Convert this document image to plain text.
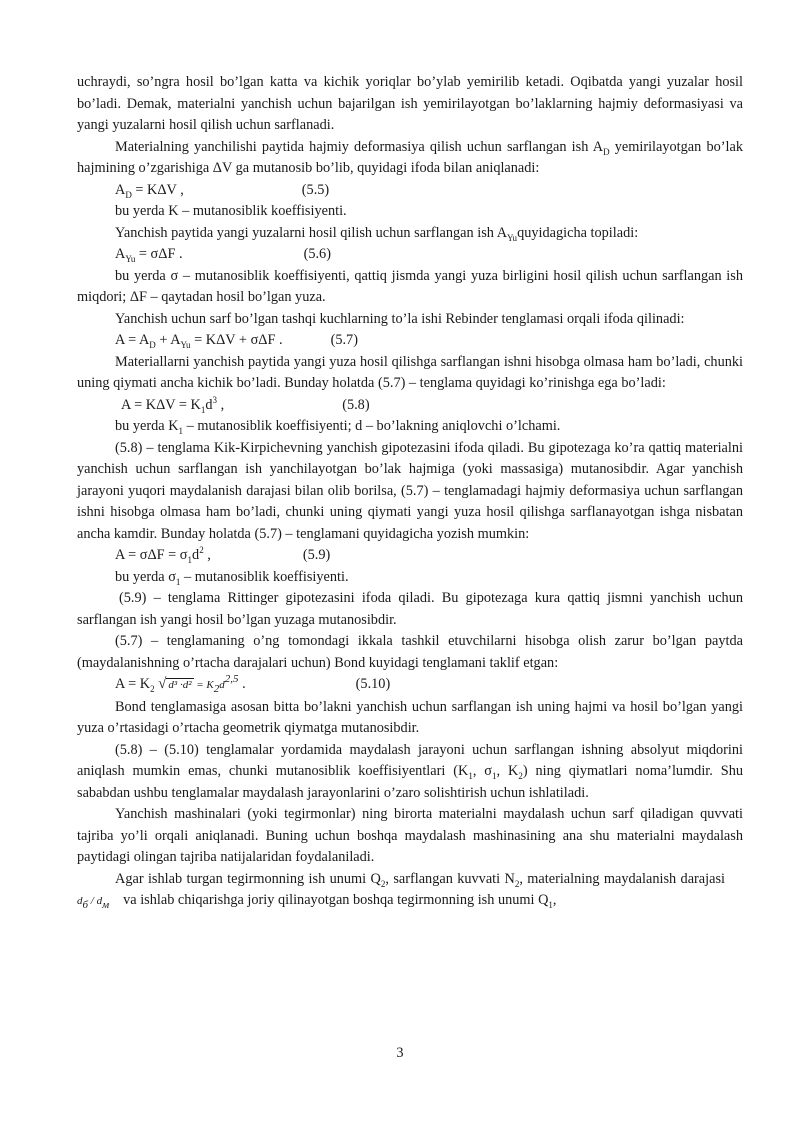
uchraydi, so’ngra hosil bo’lgan katta va kichik yoriqlar bo’ylab yemirilib ketadi. Oqibatda yangi yuzalar hosil bo’ladi. Demak, materialni yanchish uchun bajarilgan ish yemirilayotgan bo’laklarning hajmiy deformasiyasi va yangi yuzalarni hosil qilish uchun sarflanadi.

Materialning yanchilishi paytida hajmiy deformasiya qilish uchun sarflangan ish $A_D$ yemirilayotgan bo’lak hajmining o’zgarishiga ΔV ga mutanosib bo’lib, quyidagi ifoda bilan aniqlanadi:

$A_D = K\Delta V$ ,	(5.5)

bu yerda K – mutanosiblik koeffisiyenti.

Yanchish paytida yangi yuzalarni hosil qilish uchun sarflangan ish $A_{Yu}quyidagicha$ topiladi:

$A_{Yu} = \sigma\Delta F$ .	(5.6)

bu yerda σ – mutanosiblik koeffisiyenti, qattiq jismda yangi yuza birligini hosil qilish uchun sarflangan ish miqdori; ΔF – qaytadan hosil bo’lgan yuza.

Yanchish uchun sarf bo’lgan tashqi kuchlarning to’la ishi Rebinder tenglamasi orqali ifoda qilinadi:

$A = A_D + A_{Yu} = K\Delta V + \sigma\Delta F$ .	(5.7)

Materiallarni yanchish paytida yangi yuza hosil qilishga sarflangan ishni hisobga olmasa ham bo’ladi, chunki uning qiymati ancha kichik bo’ladi. Bunday holatda (5.7) – tenglama quyidagi ko’rinishga ega bo’ladi:

$A = K\Delta V = K_1d^3$ ,	(5.8)

bu yerda $K_1$ – mutanosiblik koeffisiyenti; d – bo’lakning aniqlovchi o’lchami.

(5.8) – tenglama Kik-Kirpichevning yanchish gipotezasini ifoda qiladi. Bu gipotezaga ko’ra qattiq materialni yanchish uchun sarflangan ish yanchilayotgan bo’lak hajmiga (yoki massasiga) mutanosibdir. Agar yanchish jarayoni yuqori maydalanish darajasi bilan olib borilsa, (5.7) – tenglamadagi hajmiy deformasiya uchun sarflangan ishni hisobga olmasa ham bo’ladi, chunki uning qiymati yangi yuza hosil qilishga sarflanayotgan ishga nisbatan ancha kamdir. Bunday holatda (5.7) – tenglamani quyidagicha yozish mumkin:

$A = \sigma\Delta F = \sigma_1d^2$ ,	(5.9)

bu yerda $\sigma_1$ – mutanosiblik koeffisiyenti.

(5.9) – tenglama Rittinger gipotezasini ifoda qiladi. Bu gipotezaga kura qattiq jismni yanchish uchun sarflangan ish yangi hosil bo’lgan yuzaga mutanosibdir.

(5.7) – tenglamaning o’ng tomondagi ikkala tashkil etuvchilarni hisobga olish zarur bo’lgan paytda (maydalanishning o’rtacha darajalari uchun) Bond kuyidagi tenglamani taklif etgan:

$A = K_2$ √ $d^3 \cdot d^2 = K_2d^{2,5}$ .	(5.10)

Bond tenglamasiga asosan bitta bo’lakni yanchish uchun sarflangan ish uning hajmi va hosil bo’lgan yangi yuza o’rtasidagi o’rtacha geometrik qiymatga mutanosibdir.

(5.8) – (5.10) tenglamalar yordamida maydalash jarayoni uchun sarflangan ishning absolyut miqdorini aniqlash mumkin emas, chunki mutanosiblik koeffisiyentlari ($K_1$, $\sigma_1$, $K_2$) ning qiymatlari noma’lumdir. Shu sababdan ushbu tenglamalar maydalash jarayonlarini o’zaro solishtirish uchun ishlatiladi.

Yanchish mashinalari (yoki tegirmonlar) ning birorta materialni maydalash uchun sarf qiladigan quvvati tajriba yo’li orqali aniqlanadi. Buning uchun boshqa maydalash mashinasining ana shu materialni maydalash paytidagi olingan tajriba natijalaridan foydalaniladi.

Agar ishlab turgan tegirmonning ish unumi $Q_2$, sarflangan kuvvati $N_2$, materialning maydalanish darajasid$_б$ / $d_м$ va ishlab chiqarishga joriy qilinayotgan boshqa tegirmonning ish unumi $Q_1$,

3
